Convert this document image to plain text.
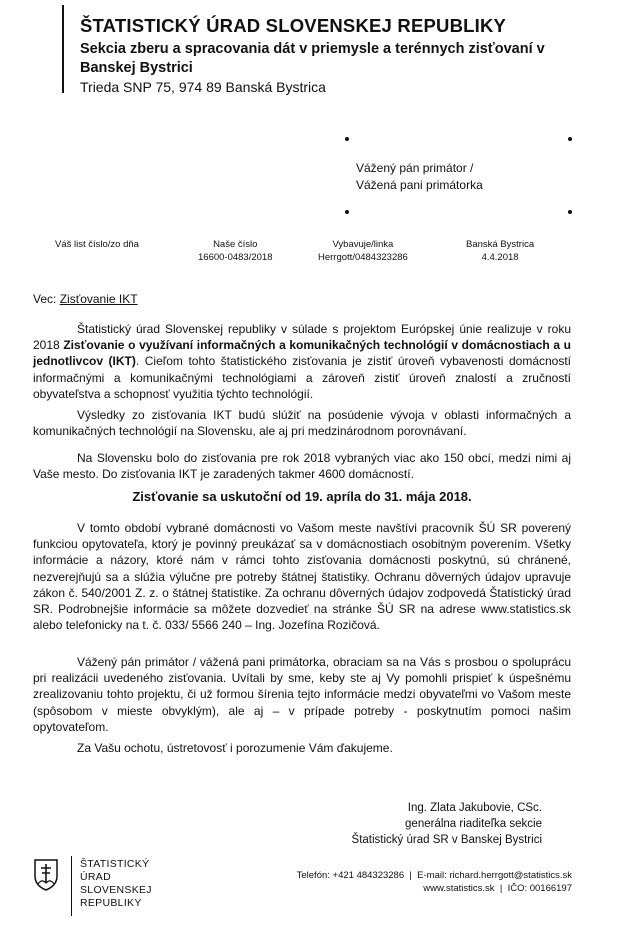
ŠTATISTICKÝ ÚRAD SLOVENSKEJ REPUBLIKY
Sekcia zberu a spracovania dát v priemysle a terénnych zisťovaní v Banskej Bystrici
Trieda SNP 75, 974 89 Banská Bystrica
Vážený pán primátor /
Vážená pani primátorka
Váš list číslo/zo dňa	Naše číslo
16600-0483/2018
Vybavuje/linka
Herrgott/0484323286
Banská Bystrica
4.4.2018
Vec: Zisťovanie IKT
Štatistický úrad Slovenskej republiky v súlade s projektom Európskej únie realizuje v roku 2018 Zisťovanie o využívaní informačných a komunikačných technológií v domácnostiach a u jednotlivcov (IKT). Cieľom tohto štatistického zisťovania je zistiť úroveň vybavenosti domácností informačnými a komunikačnými technológiami a zároveň zistiť úroveň znalostí a zručností obyvateľstva a schopnosť využitia týchto technológií.
Výsledky zo zisťovania IKT budú slúžiť na posúdenie vývoja v oblasti informačných a komunikačných technológií na Slovensku, ale aj pri medzinárodnom porovnávaní.
Na Slovensku bolo do zisťovania pre rok 2018 vybraných viac ako 150 obcí, medzi nimi aj Vaše mesto. Do zisťovania IKT je zaradených takmer 4600 domácností.
Zisťovanie sa uskutoční od 19. apríla do 31. mája 2018.
V tomto období vybrané domácnosti vo Vašom meste navštívi pracovník ŠÚ SR poverený funkciou opytovateľa, ktorý je povinný preukázať sa v domácnostiach osobitným poverením. Všetky informácie a názory, ktoré nám v rámci tohto zisťovania domácnosti poskytnú, sú chránené, nezverejňujú sa a slúžia výlučne pre potreby štátnej štatistiky. Ochranu dôverných údajov upravuje zákon č. 540/2001 Z. z. o štátnej štatistike. Za ochranu dôverných údajov zodpovedá Štatistický úrad SR. Podrobnejšie informácie sa môžete dozvedieť na stránke ŠÚ SR na adrese www.statistics.sk alebo telefonicky na t. č. 033/ 5566 240 – Ing. Jozefína Rozičová.
Vážený pán primátor / vážená pani primátorka, obraciam sa na Vás s prosbou o spoluprácu pri realizácii uvedeného zisťovania. Uvítali by sme, keby ste aj Vy pomohli prispieť k úspešnému zrealizovaniu tohto projektu, či už formou šírenia tejto informácie medzi obyvateľmi vo Vašom meste (spôsobom v mieste obvyklým), ale aj – v prípade potreby - poskytnutím pomoci našim opytovateľom.
Za Vašu ochotu, ústretovosť i porozumenie Vám ďakujeme.
Ing. Zlata Jakubovie, CSc.
generálna riaditeľka sekcie
Štatistický úrad SR v Banskej Bystrici
ŠTATISTICKÝ
ÚRAD
SLOVENSKEJ
REPUBLIKY
Telefón: +421 484323286 | E-mail: richard.herrgott@statistics.sk
www.statistics.sk | IČO: 00166197
